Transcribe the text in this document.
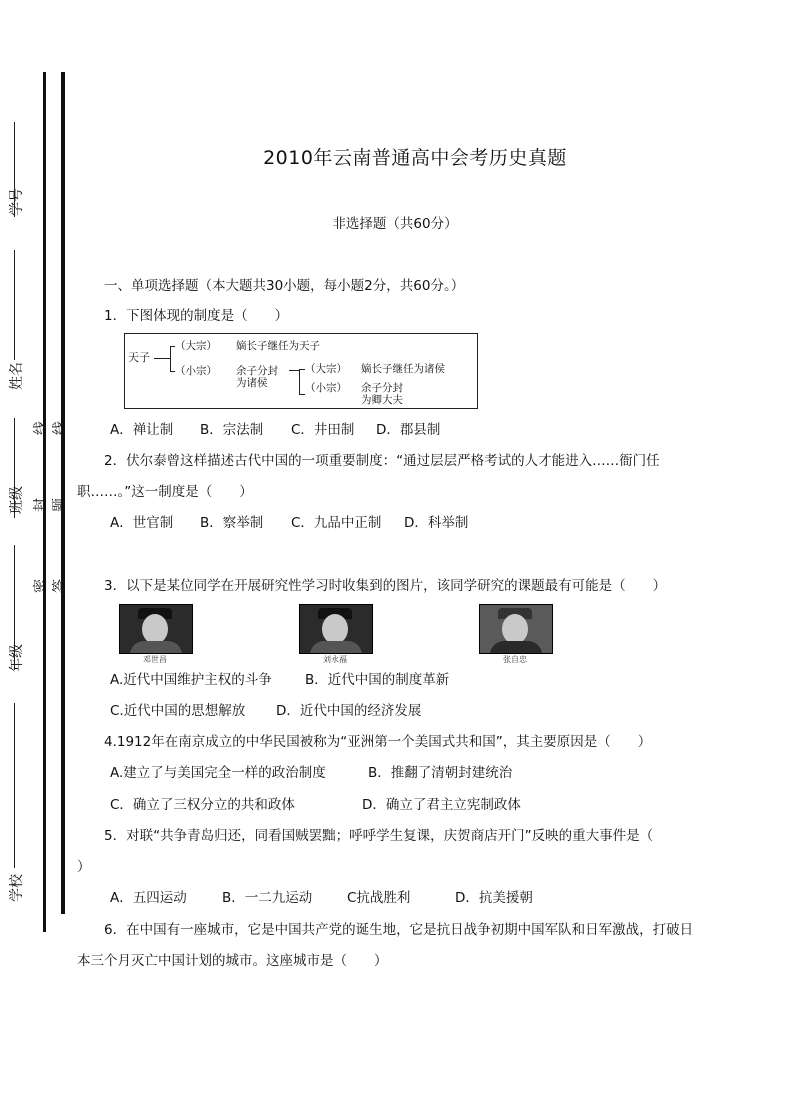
学号
姓名
班级
年级
学校
线
封
密
线
题
答
2010年云南普通高中会考历史真题
非选择题（共60分）
一、单项选择题（本大题共30小题，每小题2分，共60分。）
1．下图体现的制度是（　　）
天子
（大宗） 嫡长子继任为天子
（小宗） 余子分封
为诸侯
（大宗） 嫡长子继任为诸侯
（小宗） 余子分封
为卿大夫
A．禅让制 B．宗法制 C．井田制 D．郡县制
2．伏尔泰曾这样描述古代中国的一项重要制度：“通过层层严格考试的人才能进入……衙门任
职……。”这一制度是（　　）
A．世官制 B．察举制 C．九品中正制 D．科举制
3．以下是某位同学在开展研究性学习时收集到的图片，该同学研究的课题最有可能是（　　）
邓世昌	刘永福	张自忠
A.近代中国维护主权的斗争 B．近代中国的制度革新
C.近代中国的思想解放 D．近代中国的经济发展
4.1912年在南京成立的中华民国被称为“亚洲第一个美国式共和国”，其主要原因是（　　）
A.建立了与美国完全一样的政治制度	B．推翻了清朝封建统治
C．确立了三权分立的共和政体	D．确立了君主立宪制政体
5．对联“共争青岛归还，同看国贼罢黜；呼呼学生复课，庆贺商店开门”反映的重大事件是（
）
A．五四运动	B．一二九运动	C抗战胜利	D．抗美援朝
6．在中国有一座城市，它是中国共产党的诞生地，它是抗日战争初期中国军队和日军激战，打破日
本三个月灭亡中国计划的城市。这座城市是（　　）
